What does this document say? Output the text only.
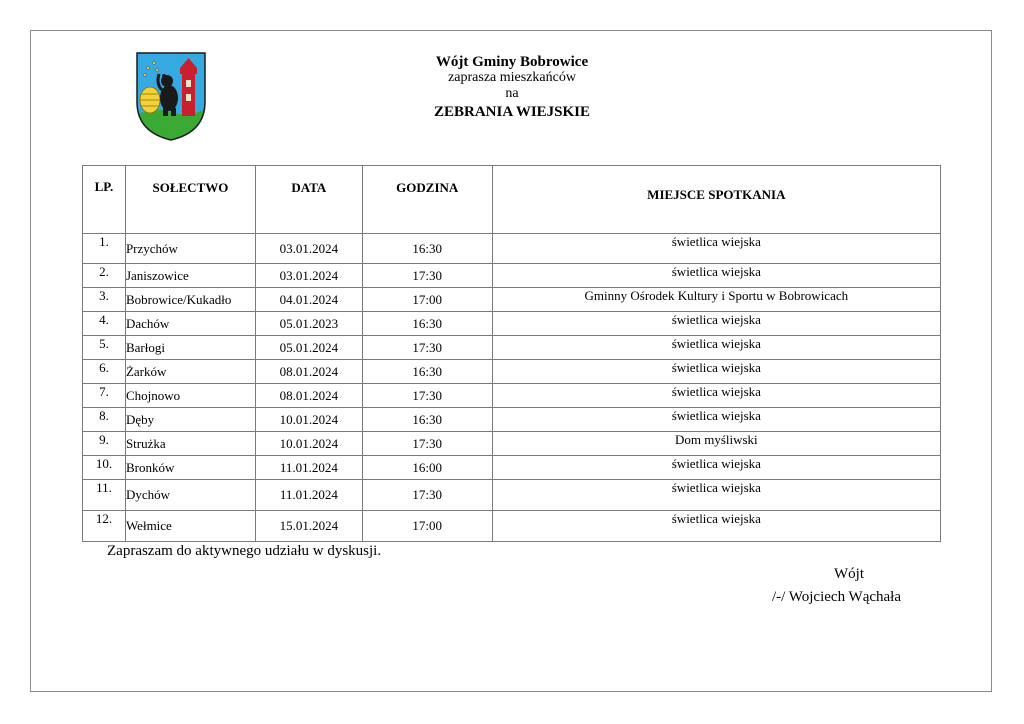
Wójt Gminy Bobrowice
zaprasza mieszkańców
na
ZEBRANIA WIEJSKIE
LP.	SOŁECTWO	DATA	GODZINA	MIEJSCE SPOTKANIA
1.	Przychów	03.01.2024	16:30	świetlica wiejska
2.	Janiszowice	03.01.2024	17:30	świetlica wiejska
3.	Bobrowice/Kukadło	04.01.2024	17:00	Gminny Ośrodek Kultury i Sportu w Bobrowicach
4.	Dachów	05.01.2023	16:30	świetlica wiejska
5.	Barłogi	05.01.2024	17:30	świetlica wiejska
6.	Żarków	08.01.2024	16:30	świetlica wiejska
7.	Chojnowo	08.01.2024	17:30	świetlica wiejska
8.	Dęby	10.01.2024	16:30	świetlica wiejska
9.	Strużka	10.01.2024	17:30	Dom myśliwski
10.	Bronków	11.01.2024	16:00	świetlica wiejska
11.	Dychów	11.01.2024	17:30	świetlica wiejska
12.	Wełmice	15.01.2024	17:00	świetlica wiejska
Zapraszam do aktywnego udziału w dyskusji.
Wójt
/-/ Wojciech Wąchała
